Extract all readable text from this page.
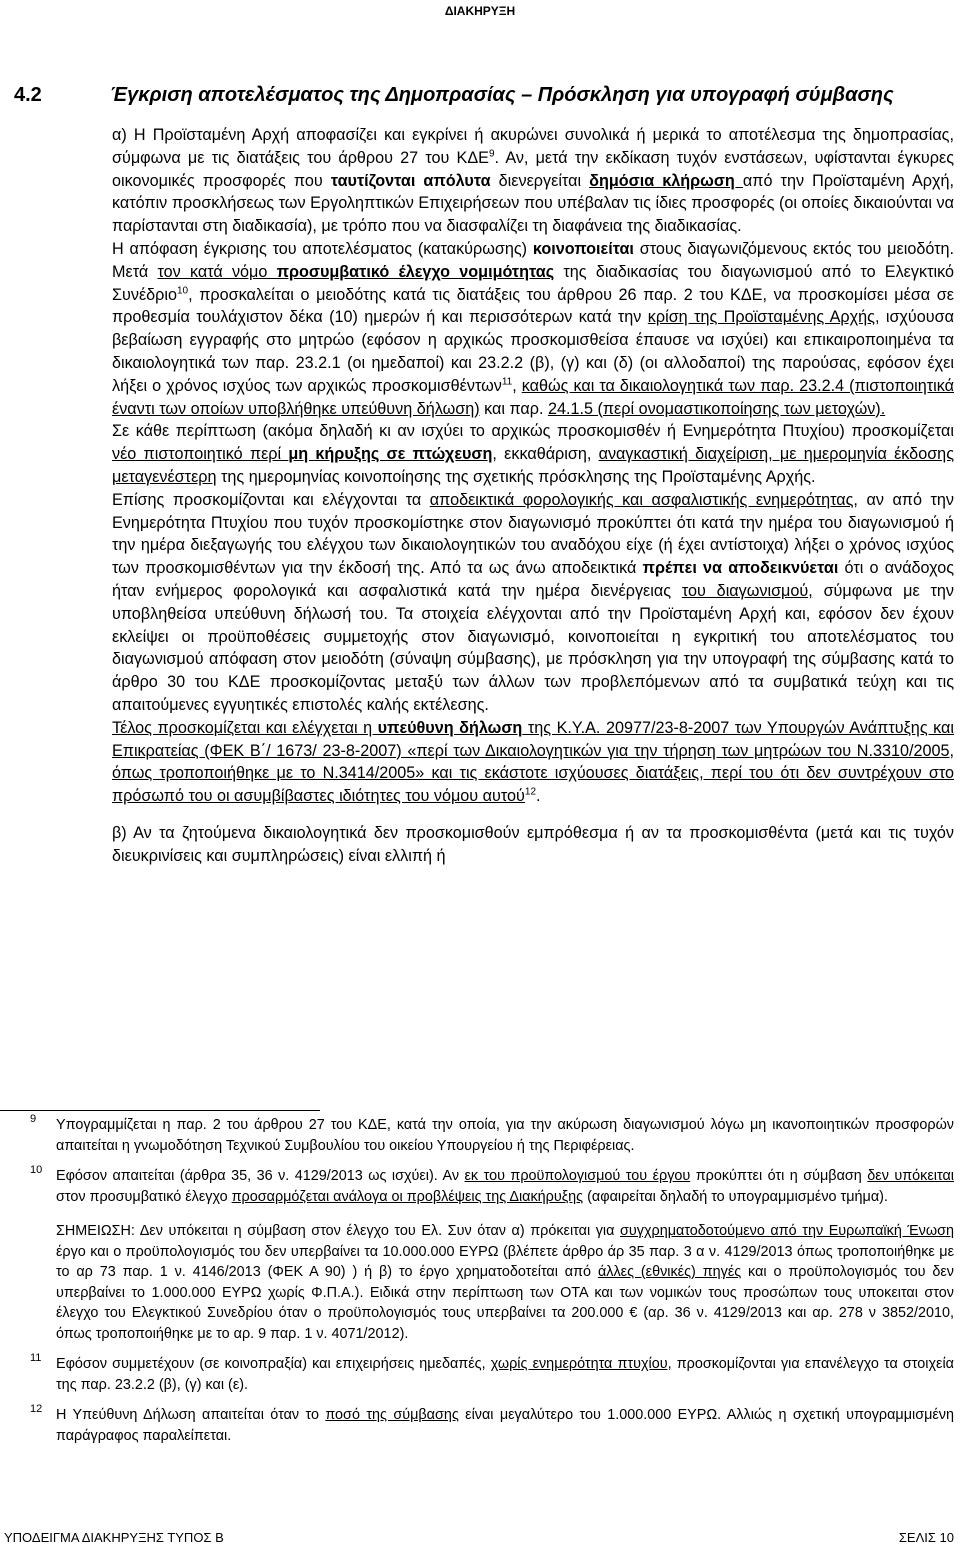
ΔΙΑΚΗΡΥΞΗ
4.2	Έγκριση αποτελέσματος της Δημοπρασίας – Πρόσκληση για υπογραφή σύμβασης

α) Η Προϊσταμένη Αρχή αποφασίζει και εγκρίνει ή ακυρώνει συνολικά ή μερικά το αποτέλεσμα της δημοπρασίας, σύμφωνα με τις διατάξεις του άρθρου 27 του ΚΔΕ$^9$. Αν, μετά την εκδίκαση τυχόν ενστάσεων, υφίστανται έγκυρες οικονομικές προσφορές που ταυτίζονται απόλυτα διενεργείται δημόσια κλήρωση από την Προϊσταμένη Αρχή, κατόπιν προσκλήσεως των Εργοληπτικών Επιχειρήσεων που υπέβαλαν τις ίδιες προσφορές (οι οποίες δικαιούνται να παρίστανται στη διαδικασία), με τρόπο που να διασφαλίζει τη διαφάνεια της διαδικασίας.

Η απόφαση έγκρισης του αποτελέσματος (κατακύρωσης) κοινοποιείται στους διαγωνιζόμενους εκτός του μειοδότη. Μετά τον κατά νόμο προσυμβατικό έλεγχο νομιμότητας της διαδικασίας του διαγωνισμού από το Ελεγκτικό Συνέδριο$^{10}$, προσκαλείται ο μειοδότης κατά τις διατάξεις του άρθρου 26 παρ. 2 του ΚΔΕ, να προσκομίσει μέσα σε προθεσμία τουλάχιστον δέκα (10) ημερών ή και περισσότερων κατά την κρίση της Προϊσταμένης Αρχής, ισχύουσα βεβαίωση εγγραφής στο μητρώο (εφόσον η αρχικώς προσκομισθείσα έπαυσε να ισχύει) και επικαιροποιημένα τα δικαιολογητικά των παρ. 23.2.1 (οι ημεδαποί) και 23.2.2 (β), (γ) και (δ) (οι αλλοδαποί) της παρούσας, εφόσον έχει λήξει ο χρόνος ισχύος των αρχικώς προσκομισθέντων$^{11}$, καθώς και τα δικαιολογητικά των παρ. 23.2.4 (πιστοποιητικά έναντι των οποίων υποβλήθηκε υπεύθυνη δήλωση) και παρ. 24.1.5 (περί ονομαστικοποίησης των μετοχών).

Σε κάθε περίπτωση (ακόμα δηλαδή κι αν ισχύει το αρχικώς προσκομισθέν ή Ενημερότητα Πτυχίου) προσκομίζεται νέο πιστοποιητικό περί μη κήρυξης σε πτώχευση, εκκαθάριση, αναγκαστική διαχείριση, με ημερομηνία έκδοσης μεταγενέστερη της ημερομηνίας κοινοποίησης της σχετικής πρόσκλησης της Προϊσταμένης Αρχής.

Επίσης προσκομίζονται και ελέγχονται τα αποδεικτικά φορολογικής και ασφαλιστικής ενημερότητας, αν από την Ενημερότητα Πτυχίου που τυχόν προσκομίστηκε στον διαγωνισμό προκύπτει ότι κατά την ημέρα του διαγωνισμού ή την ημέρα διεξαγωγής του ελέγχου των δικαιολογητικών του αναδόχου είχε (ή έχει αντίστοιχα) λήξει ο χρόνος ισχύος των προσκομισθέντων για την έκδοσή της. Από τα ως άνω αποδεικτικά πρέπει να αποδεικνύεται ότι ο ανάδοχος ήταν ενήμερος φορολογικά και ασφαλιστικά κατά την ημέρα διενέργειας του διαγωνισμού, σύμφωνα με την υποβληθείσα υπεύθυνη δήλωσή του. Τα στοιχεία ελέγχονται από την Προϊσταμένη Αρχή και, εφόσον δεν έχουν εκλείψει οι προϋποθέσεις συμμετοχής στον διαγωνισμό, κοινοποιείται η εγκριτική του αποτελέσματος του διαγωνισμού απόφαση στον μειοδότη (σύναψη σύμβασης), με πρόσκληση για την υπογραφή της σύμβασης κατά το άρθρο 30 του ΚΔΕ προσκομίζοντας μεταξύ των άλλων των προβλεπόμενων από τα συμβατικά τεύχη και τις απαιτούμενες εγγυητικές επιστολές καλής εκτέλεσης.

Τέλος προσκομίζεται και ελέγχεται η υπεύθυνη δήλωση της Κ.Υ.Α. 20977/23-8-2007 των Υπουργών Ανάπτυξης και Επικρατείας (ΦΕΚ Β΄/ 1673/ 23-8-2007) «περί των Δικαιολογητικών για την τήρηση των μητρώων του Ν.3310/2005, όπως τροποποιήθηκε με το Ν.3414/2005» και τις εκάστοτε ισχύουσες διατάξεις, περί του ότι δεν συντρέχουν στο πρόσωπό του οι ασυμβίβαστες ιδιότητες του νόμου αυτού$^{12}$.

β) Αν τα ζητούμενα δικαιολογητικά δεν προσκομισθούν εμπρόθεσμα ή αν τα προσκομισθέντα (μετά και τις τυχόν διευκρινίσεις και συμπληρώσεις) είναι ελλιπή ή

9 Υπογραμμίζεται η παρ. 2 του άρθρου 27 του ΚΔΕ, κατά την οποία, για την ακύρωση διαγωνισμού λόγω μη ικανοποιητικών προσφορών απαιτείται η γνωμοδότηση Τεχνικού Συμβουλίου του οικείου Υπουργείου ή της Περιφέρειας.
10 Εφόσον απαιτείται (άρθρα 35, 36 ν. 4129/2013 ως ισχύει). Αν εκ του προϋπολογισμού του έργου προκύπτει ότι η σύμβαση δεν υπόκειται στον προσυμβατικό έλεγχο προσαρμόζεται ανάλογα οι προβλέψεις της Διακήρυξης (αφαιρείται δηλαδή το υπογραμμισμένο τμήμα).
ΣΗΜΕΙΩΣΗ: Δεν υπόκειται η σύμβαση στον έλεγχο του Ελ. Συν όταν α) πρόκειται για συγχρηματοδοτούμενο από την Ευρωπαϊκή Ένωση έργο και ο προϋπολογισμός του δεν υπερβαίνει τα 10.000.000 ΕΥΡΩ (βλέπετε άρθρο άρ 35 παρ. 3 α ν. 4129/2013 όπως τροποποιήθηκε με το αρ 73 παρ. 1 ν. 4146/2013 (ΦΕΚ Α 90) ) ή β) το έργο χρηματοδοτείται από άλλες (εθνικές) πηγές και ο προϋπολογισμός του δεν υπερβαίνει το 1.000.000 ΕΥΡΩ χωρίς Φ.Π.Α.). Ειδικά στην περίπτωση των ΟΤΑ και των νομικών τους προσώπων τους υποκειται στον έλεγχο του Ελεγκτικού Συνεδρίου όταν ο προϋπολογισμός τους υπερβαίνει τα 200.000 € (αρ. 36 ν. 4129/2013 και αρ. 278 ν 3852/2010, όπως τροποποιήθηκε με το αρ. 9 παρ. 1 ν. 4071/2012).
11 Εφόσον συμμετέχουν (σε κοινοπραξία) και επιχειρήσεις ημεδαπές, χωρίς ενημερότητα πτυχίου, προσκομίζονται για επανέλεγχο τα στοιχεία της παρ. 23.2.2 (β), (γ) και (ε).
12 Η Υπεύθυνη Δήλωση απαιτείται όταν το ποσό της σύμβασης είναι μεγαλύτερο του 1.000.000 ΕΥΡΩ. Αλλιώς η σχετική υπογραμμισμένη παράγραφος παραλείπεται.
ΥΠΟΔΕΙΓΜΑ ΔΙΑΚΗΡΥΞΗΣ ΤΥΠΟΣ Β	ΣΕΛΙΣ 10
